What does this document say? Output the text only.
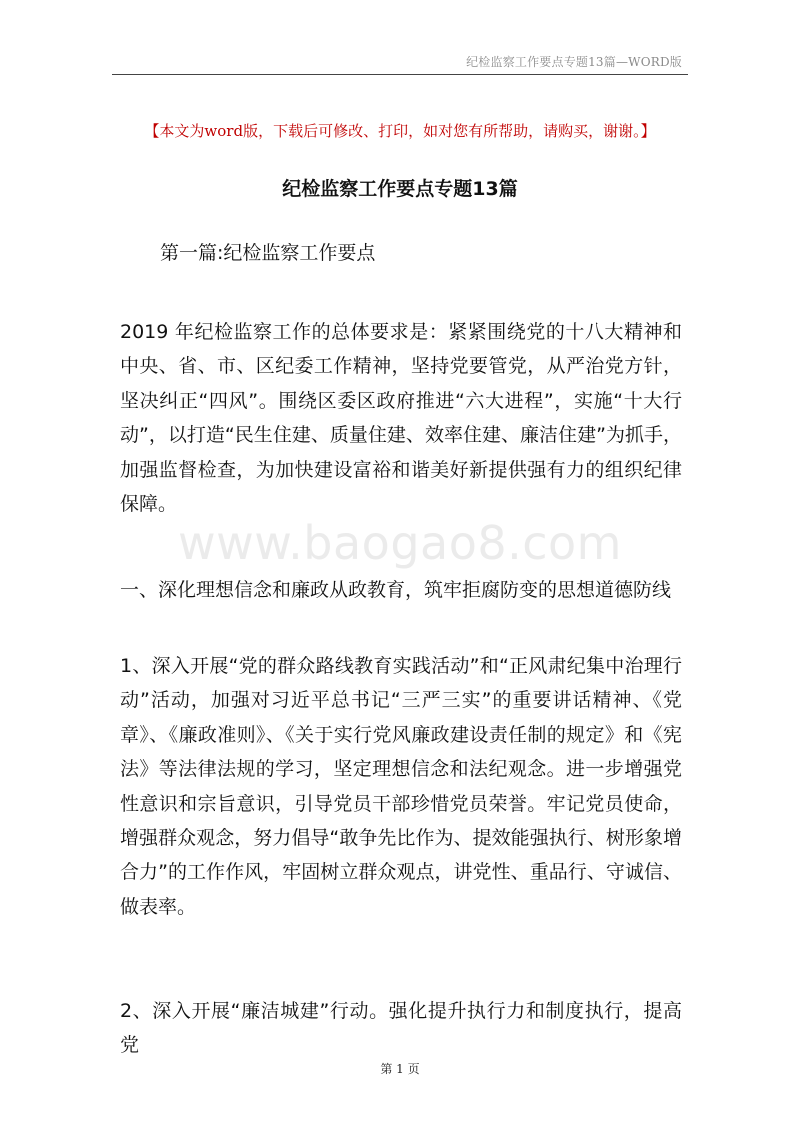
纪检监察工作要点专题13篇—WORD版
【本文为word版，下载后可修改、打印，如对您有所帮助，请购买，谢谢。】
纪检监察工作要点专题13篇
第一篇:纪检监察工作要点
www.baogao8.com

2019 年纪检监察工作的总体要求是：紧紧围绕党的十八大精神和中央、省、市、区纪委工作精神，坚持党要管党，从严治党方针，坚决纠正“四风”。围绕区委区政府推进“六大进程”，实施“十大行动”，以打造“民生住建、质量住建、效率住建、廉洁住建”为抓手，加强监督检查，为加快建设富裕和谐美好新提供强有力的组织纪律保障。

一、深化理想信念和廉政从政教育，筑牢拒腐防变的思想道德防线

1、深入开展“党的群众路线教育实践活动”和“正风肃纪集中治理行动”活动，加强对习近平总书记“三严三实”的重要讲话精神、《党章》、《廉政准则》、《关于实行党风廉政建设责任制的规定》和《宪法》等法律法规的学习，坚定理想信念和法纪观念。进一步增强党性意识和宗旨意识，引导党员干部珍惜党员荣誉。牢记党员使命，增强群众观念，努力倡导“敢争先比作为、提效能强执行、树形象增合力”的工作作风，牢固树立群众观点，讲党性、重品行、守诚信、做表率。

2、深入开展“廉洁城建”行动。强化提升执行力和制度执行，提高党

第 1 页
